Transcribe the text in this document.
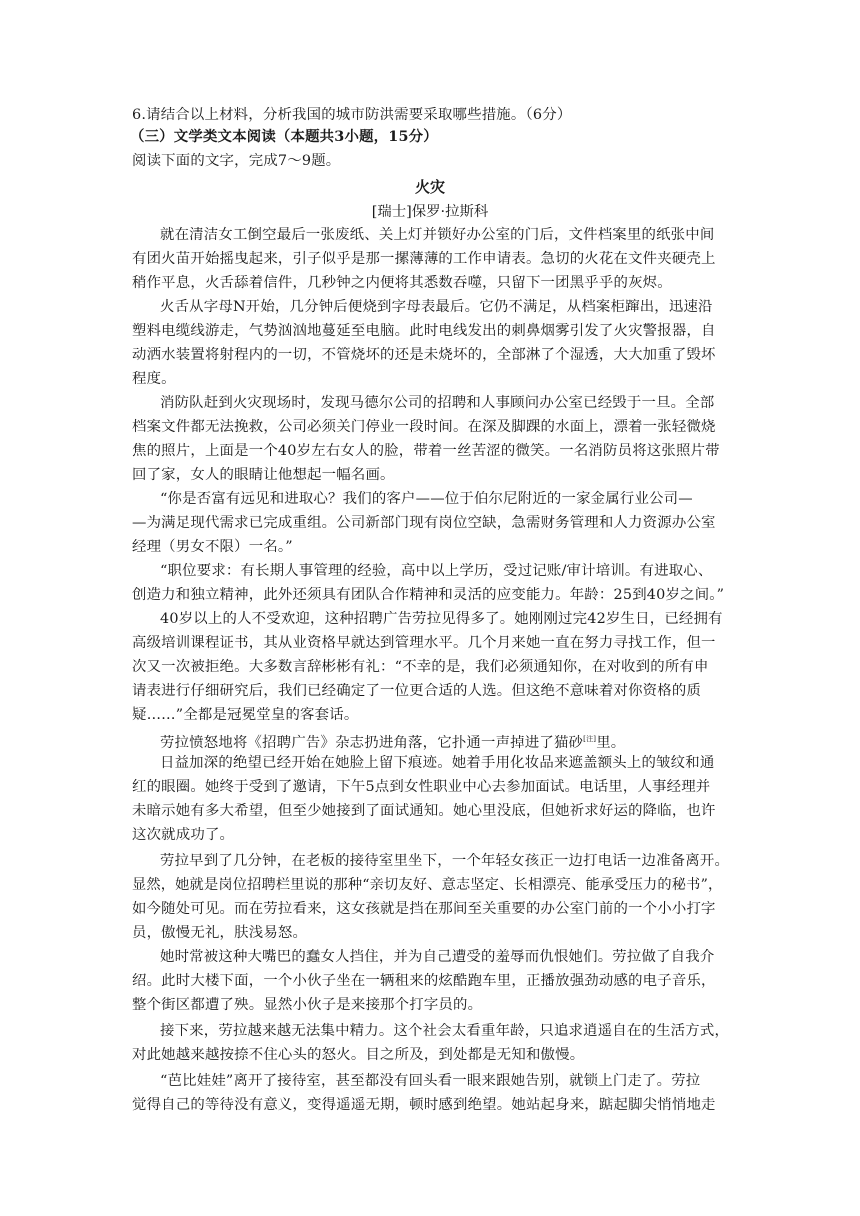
6.请结合以上材料，分析我国的城市防洪需要采取哪些措施。（6分）
（三）文学类文本阅读（本题共3小题，15分）
阅读下面的文字，完成7～9题。
火灾
[瑞士]保罗·拉斯科
就在清洁女工倒空最后一张废纸、关上灯并锁好办公室的门后，文件档案里的纸张中间
有团火苗开始摇曳起来，引子似乎是那一摞薄薄的工作申请表。急切的火花在文件夹硬壳上
稍作平息，火舌舔着信件，几秒钟之内便将其悉数吞噬，只留下一团黑乎乎的灰烬。
火舌从字母N开始，几分钟后便烧到字母表最后。它仍不满足，从档案柜蹿出，迅速沿
塑料电缆线游走，气势汹汹地蔓延至电脑。此时电线发出的刺鼻烟雾引发了火灾警报器，自
动洒水装置将射程内的一切，不管烧坏的还是未烧坏的，全部淋了个湿透，大大加重了毁坏
程度。
消防队赶到火灾现场时，发现马德尔公司的招聘和人事顾问办公室已经毁于一旦。全部
档案文件都无法挽救，公司必须关门停业一段时间。在深及脚踝的水面上，漂着一张轻微烧
焦的照片，上面是一个40岁左右女人的脸，带着一丝苦涩的微笑。一名消防员将这张照片带
回了家，女人的眼睛让他想起一幅名画。
“你是否富有远见和进取心？我们的客户——位于伯尔尼附近的一家金属行业公司—
—为满足现代需求已完成重组。公司新部门现有岗位空缺，急需财务管理和人力资源办公室
经理（男女不限）一名。”
“职位要求：有长期人事管理的经验，高中以上学历，受过记账/审计培训。有进取心、
创造力和独立精神，此外还须具有团队合作精神和灵活的应变能力。年龄：25到40岁之间。”
40岁以上的人不受欢迎，这种招聘广告劳拉见得多了。她刚刚过完42岁生日，已经拥有
高级培训课程证书，其从业资格早就达到管理水平。几个月来她一直在努力寻找工作，但一
次又一次被拒绝。大多数言辞彬彬有礼：“不幸的是，我们必须通知你，在对收到的所有申
请表进行仔细研究后，我们已经确定了一位更合适的人选。但这绝不意味着对你资格的质
疑……”全都是冠冕堂皇的客套话。
劳拉愤怒地将《招聘广告》杂志扔进角落，它扑通一声掉进了猫砂[注]里。
日益加深的绝望已经开始在她脸上留下痕迹。她着手用化妆品来遮盖额头上的皱纹和通
红的眼圈。她终于受到了邀请，下午5点到女性职业中心去参加面试。电话里，人事经理并
未暗示她有多大希望，但至少她接到了面试通知。她心里没底，但她祈求好运的降临，也许
这次就成功了。
劳拉早到了几分钟，在老板的接待室里坐下，一个年轻女孩正一边打电话一边准备离开。
显然，她就是岗位招聘栏里说的那种“亲切友好、意志坚定、长相漂亮、能承受压力的秘书”，
如今随处可见。而在劳拉看来，这女孩就是挡在那间至关重要的办公室门前的一个小小打字
员，傲慢无礼，肤浅易怒。
她时常被这种大嘴巴的蠢女人挡住，并为自己遭受的羞辱而仇恨她们。劳拉做了自我介
绍。此时大楼下面，一个小伙子坐在一辆租来的炫酷跑车里，正播放强劲动感的电子音乐，
整个街区都遭了殃。显然小伙子是来接那个打字员的。
接下来，劳拉越来越无法集中精力。这个社会太看重年龄，只追求逍遥自在的生活方式，
对此她越来越按捺不住心头的怒火。目之所及，到处都是无知和傲慢。
“芭比娃娃”离开了接待室，甚至都没有回头看一眼来跟她告别，就锁上门走了。劳拉
觉得自己的等待没有意义，变得遥遥无期，顿时感到绝望。她站起身来，踮起脚尖悄悄地走
